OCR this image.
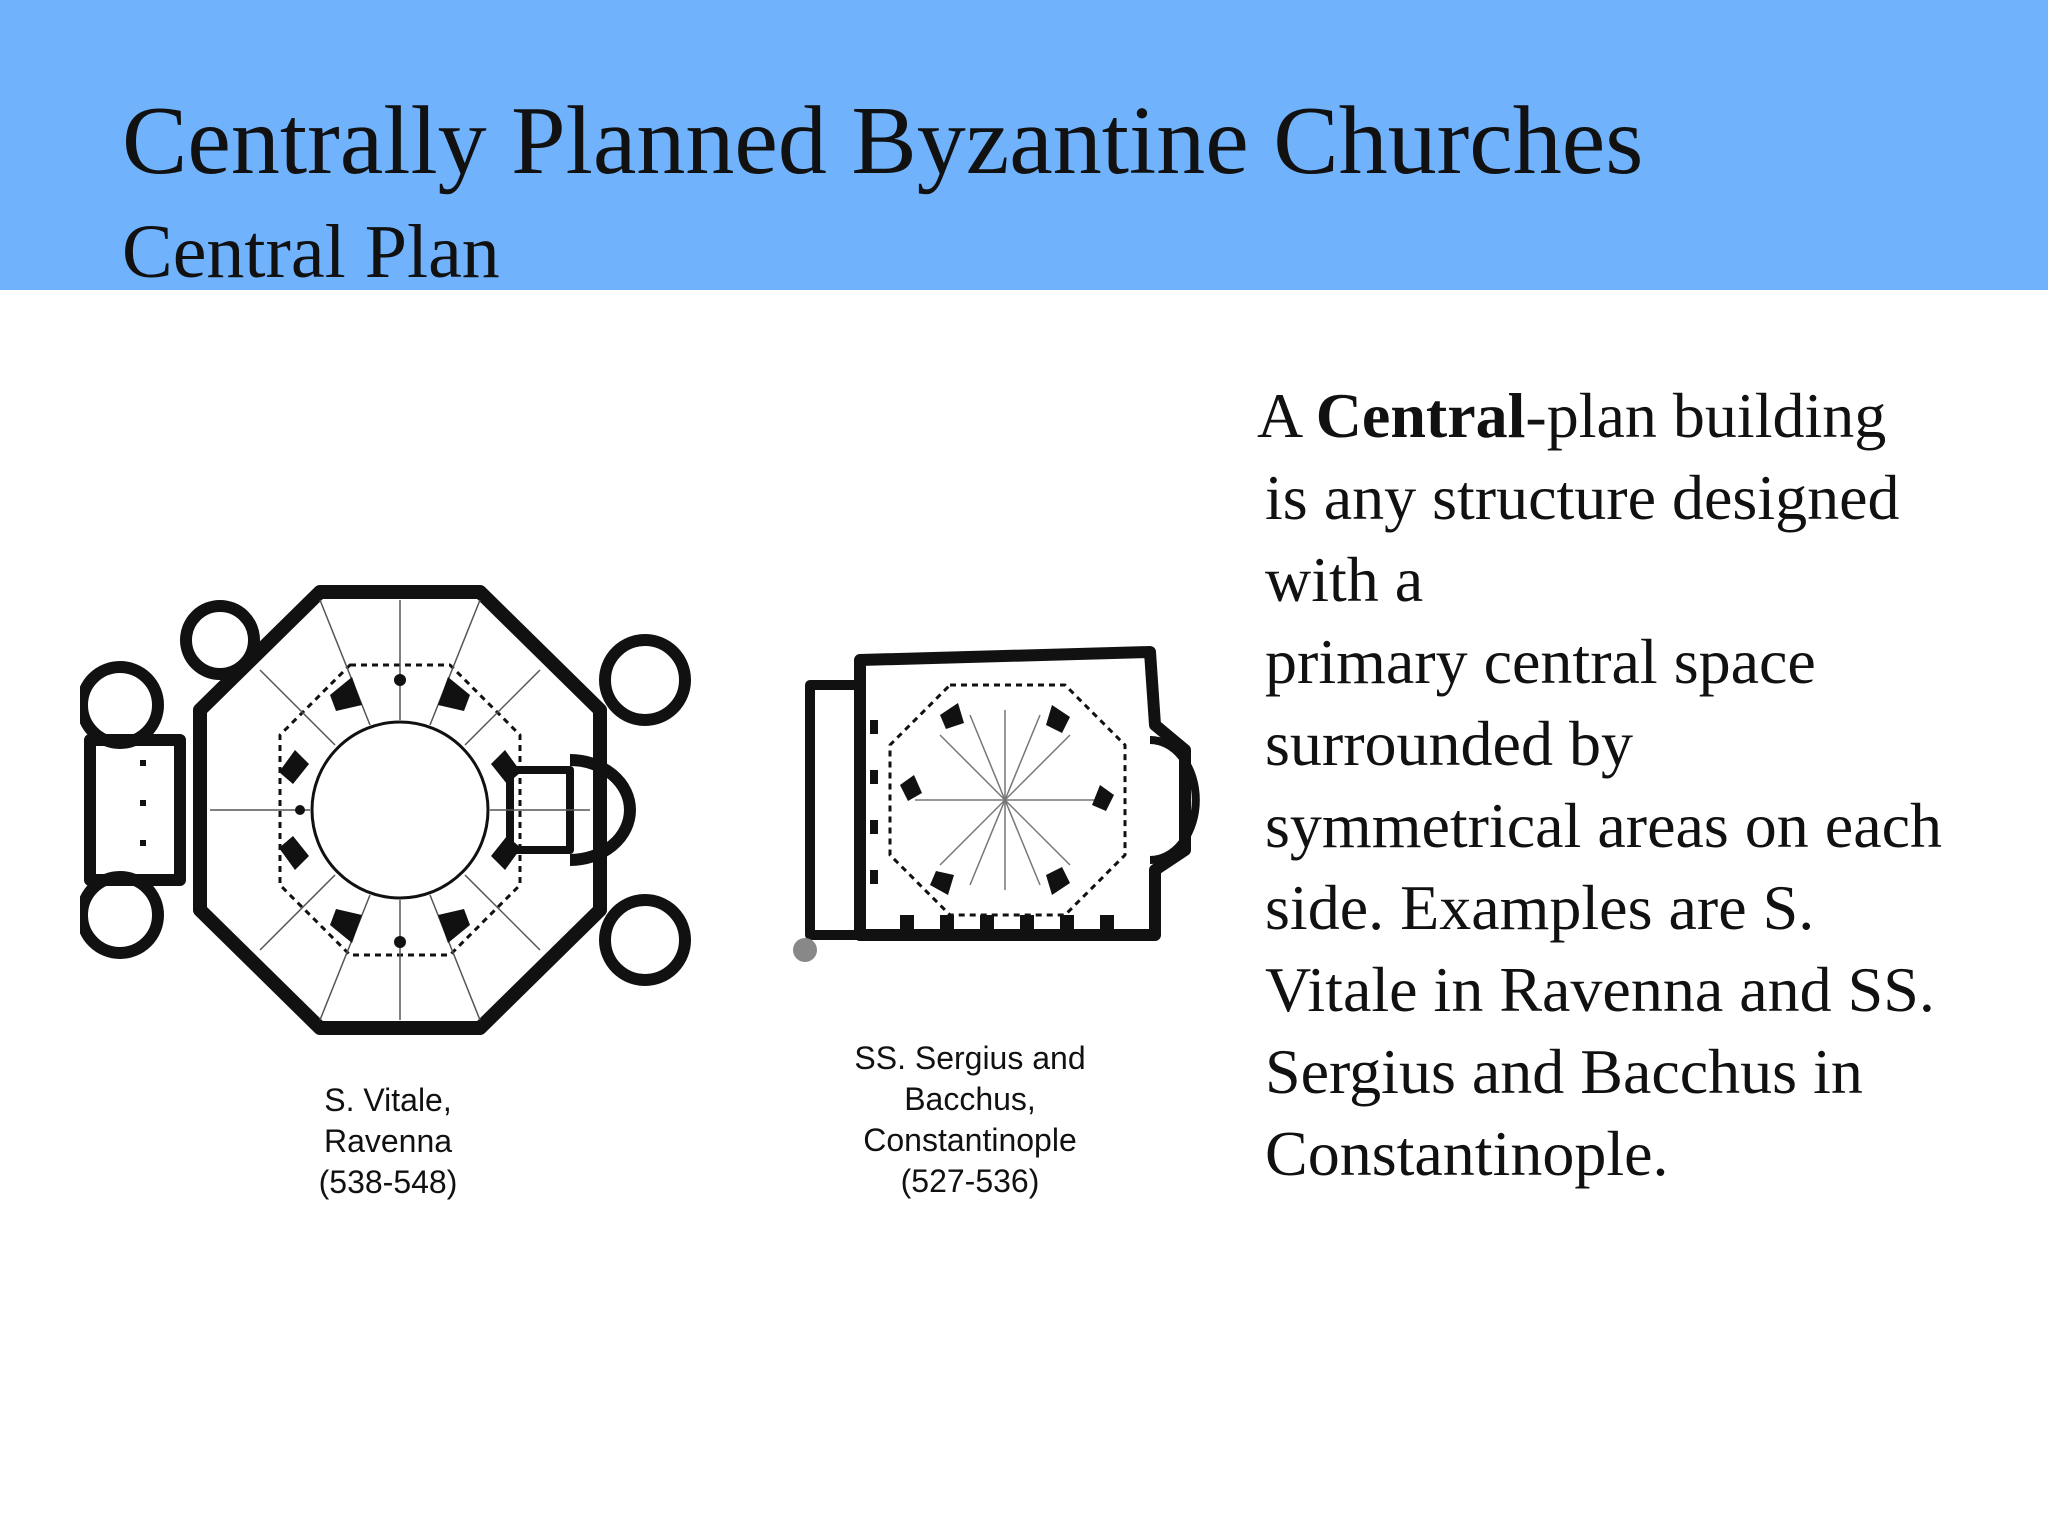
Centrally Planned Byzantine Churches
Central Plan
S. Vitale,
Ravenna
(538-548)
SS. Sergius and
Bacchus,
Constantinople
(527-536)
A Central-plan building
is any structure designed
with a
primary central space
surrounded by
symmetrical areas on each
side. Examples are S.
Vitale in Ravenna and SS.
Sergius and Bacchus in
Constantinople.
